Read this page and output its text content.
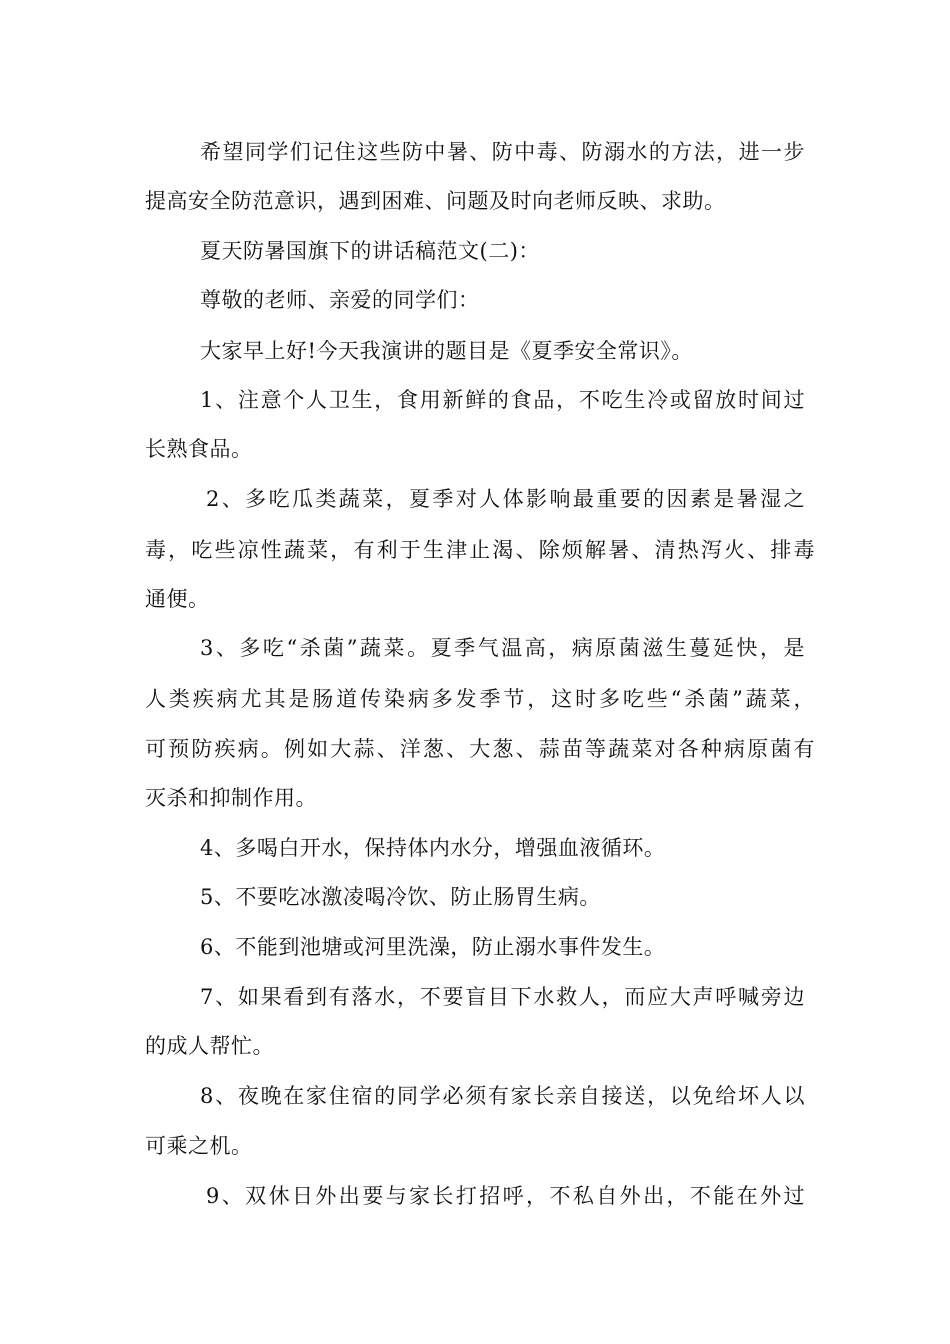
希望同学们记住这些防中暑、防中毒、防溺水的方法，进一步
提高安全防范意识，遇到困难、问题及时向老师反映、求助。
夏天防暑国旗下的讲话稿范文(二)：
尊敬的老师、亲爱的同学们：
大家早上好!今天我演讲的题目是《夏季安全常识》。
1、注意个人卫生，食用新鲜的食品，不吃生冷或留放时间过
长熟食品。
2、多吃瓜类蔬菜，夏季对人体影响最重要的因素是暑湿之
毒，吃些凉性蔬菜，有利于生津止渴、除烦解暑、清热泻火、排毒
通便。
3、多吃“杀菌”蔬菜。夏季气温高，病原菌滋生蔓延快，是
人类疾病尤其是肠道传染病多发季节，这时多吃些“杀菌”蔬菜，
可预防疾病。例如大蒜、洋葱、大葱、蒜苗等蔬菜对各种病原菌有
灭杀和抑制作用。
4、多喝白开水，保持体内水分，增强血液循环。
5、不要吃冰激凌喝冷饮、防止肠胃生病。
6、不能到池塘或河里洗澡，防止溺水事件发生。
7、如果看到有落水，不要盲目下水救人，而应大声呼喊旁边
的成人帮忙。
8、夜晚在家住宿的同学必须有家长亲自接送，以免给坏人以
可乘之机。
9、双休日外出要与家长打招呼，不私自外出，不能在外过
